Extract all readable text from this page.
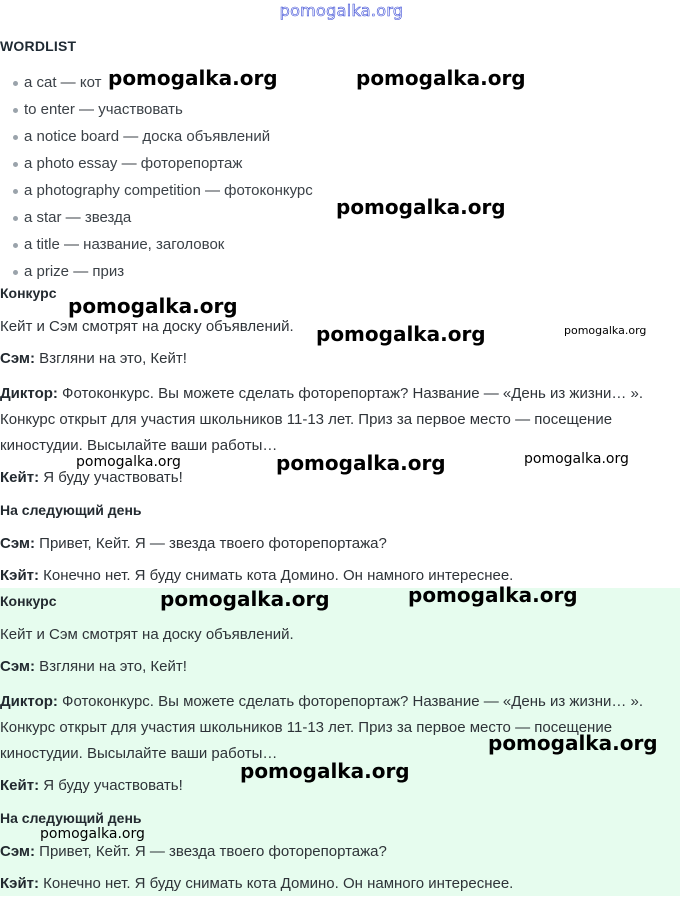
pomogalka.org
WORDLIST
a cat — кот
to enter — участвовать
a notice board — доска объявлений
a photo essay — фоторепортаж
a photography competition — фотоконкурс
a star — звезда
a title — название, заголовок
a prize — приз
Конкурс
Кейт и Сэм смотрят на доску объявлений.
Сэм: Взгляни на это, Кейт!
Диктор: Фотоконкурс. Вы можете сделать фоторепортаж? Название — «День из жизни… ». Конкурс открыт для участия школьников 11-13 лет. Приз за первое место — посещение киностудии. Высылайте ваши работы…
Кейт: Я буду участвовать!
На следующий день
Сэм: Привет, Кейт. Я — звезда твоего фоторепортажа?
Кэйт: Конечно нет. Я буду снимать кота Домино. Он намного интереснее.
Конкурс
Кейт и Сэм смотрят на доску объявлений.
Сэм: Взгляни на это, Кейт!
Диктор: Фотоконкурс. Вы можете сделать фоторепортаж? Название — «День из жизни… ». Конкурс открыт для участия школьников 11-13 лет. Приз за первое место — посещение киностудии. Высылайте ваши работы…
Кейт: Я буду участвовать!
На следующий день
Сэм: Привет, Кейт. Я — звезда твоего фоторепортажа?
Кэйт: Конечно нет. Я буду снимать кота Домино. Он намного интереснее.
pomogalka.org	pomogalka.org
pomogalka.org
pomogalka.org
pomogalka.org	pomogalka.org
pomogalka.org	pomogalka.org	pomogalka.org
pomogalka.org	pomogalka.org
pomogalka.org
pomogalka.org
pomogalka.org
